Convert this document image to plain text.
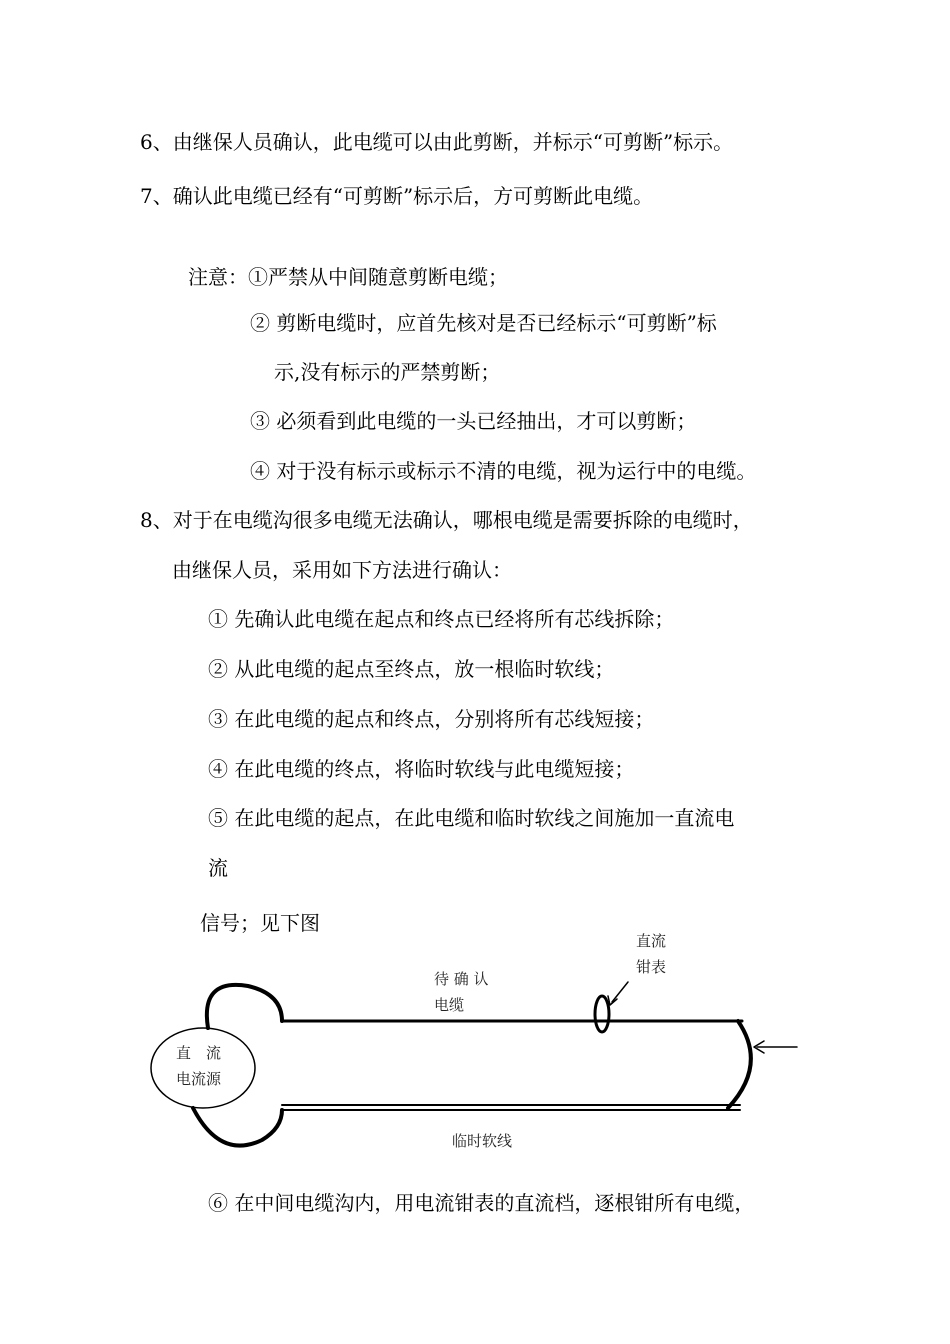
6、由继保人员确认，此电缆可以由此剪断，并标示“可剪断”标示。
7、确认此电缆已经有“可剪断”标示后，方可剪断此电缆。
注意：①严禁从中间随意剪断电缆；
② 剪断电缆时，应首先核对是否已经标示“可剪断”标
示,没有标示的严禁剪断；
③ 必须看到此电缆的一头已经抽出，才可以剪断；
④ 对于没有标示或标示不清的电缆，视为运行中的电缆。
8、对于在电缆沟很多电缆无法确认，哪根电缆是需要拆除的电缆时，
由继保人员，采用如下方法进行确认：
① 先确认此电缆在起点和终点已经将所有芯线拆除；
② 从此电缆的起点至终点，放一根临时软线；
③ 在此电缆的起点和终点，分别将所有芯线短接；
④ 在此电缆的终点，将临时软线与此电缆短接；
⑤ 在此电缆的起点，在此电缆和临时软线之间施加一直流电
流
信号；见下图
直流
钳表
待 确 认
电缆
直　流
电流源
临时软线
⑥ 在中间电缆沟内，用电流钳表的直流档，逐根钳所有电缆，
